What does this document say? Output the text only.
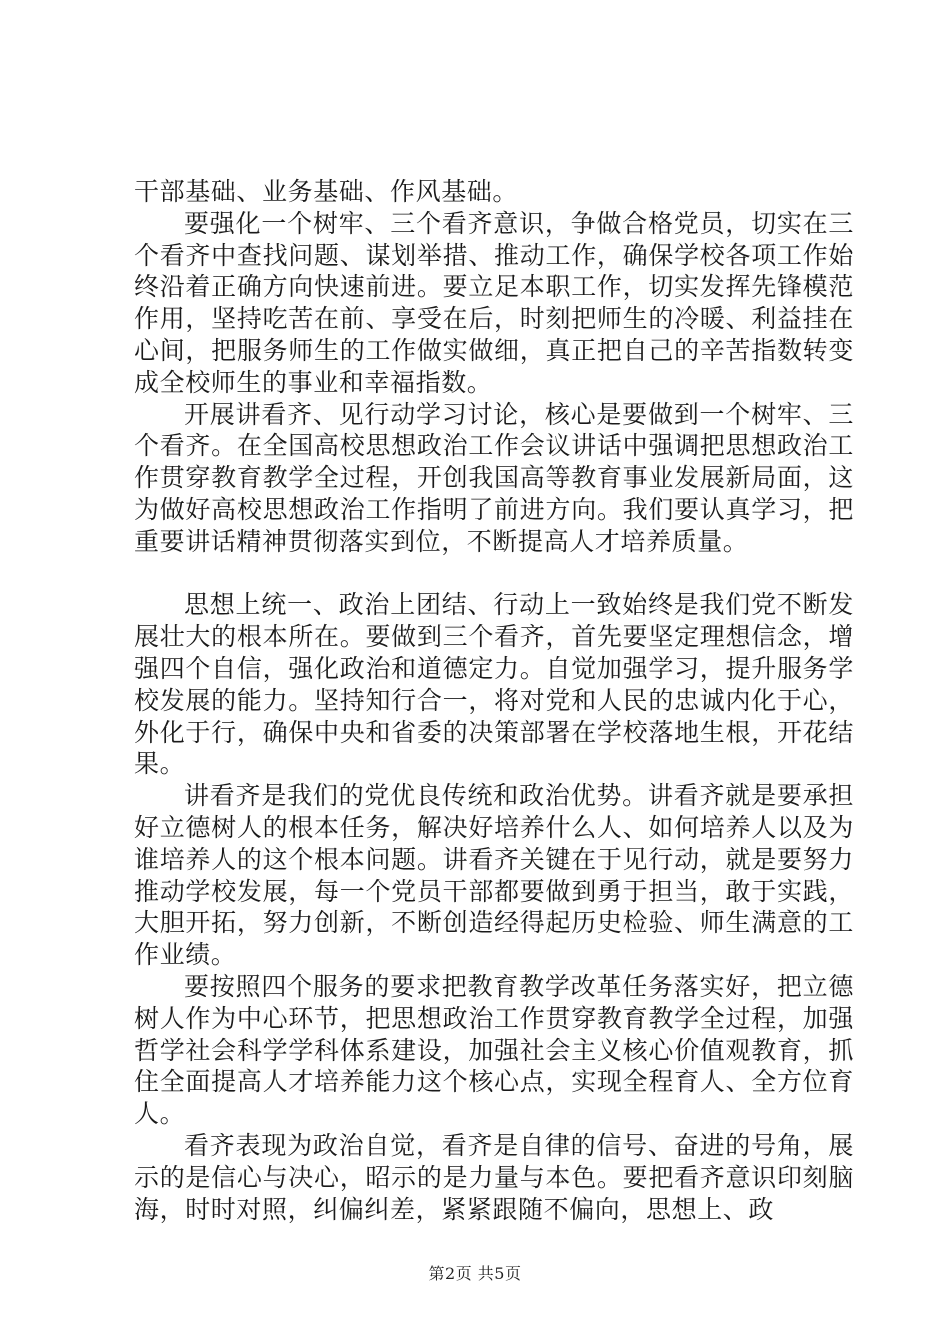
干部基础、业务基础、作风基础。

要强化一个树牢、三个看齐意识，争做合格党员，切实在三个看齐中查找问题、谋划举措、推动工作，确保学校各项工作始终沿着正确方向快速前进。要立足本职工作，切实发挥先锋模范作用，坚持吃苦在前、享受在后，时刻把师生的冷暖、利益挂在心间，把服务师生的工作做实做细，真正把自己的辛苦指数转变成全校师生的事业和幸福指数。

开展讲看齐、见行动学习讨论，核心是要做到一个树牢、三个看齐。在全国高校思想政治工作会议讲话中强调把思想政治工作贯穿教育教学全过程，开创我国高等教育事业发展新局面，这为做好高校思想政治工作指明了前进方向。我们要认真学习，把重要讲话精神贯彻落实到位，不断提高人才培养质量。

思想上统一、政治上团结、行动上一致始终是我们党不断发展壮大的根本所在。要做到三个看齐，首先要坚定理想信念，增强四个自信，强化政治和道德定力。自觉加强学习，提升服务学校发展的能力。坚持知行合一，将对党和人民的忠诚内化于心，外化于行，确保中央和省委的决策部署在学校落地生根，开花结果。

讲看齐是我们的党优良传统和政治优势。讲看齐就是要承担好立德树人的根本任务，解决好培养什么人、如何培养人以及为谁培养人的这个根本问题。讲看齐关键在于见行动，就是要努力推动学校发展，每一个党员干部都要做到勇于担当，敢于实践，大胆开拓，努力创新，不断创造经得起历史检验、师生满意的工作业绩。

要按照四个服务的要求把教育教学改革任务落实好，把立德树人作为中心环节，把思想政治工作贯穿教育教学全过程，加强哲学社会科学学科体系建设，加强社会主义核心价值观教育，抓住全面提高人才培养能力这个核心点，实现全程育人、全方位育人。

看齐表现为政治自觉，看齐是自律的信号、奋进的号角，展示的是信心与决心，昭示的是力量与本色。要把看齐意识印刻脑海，时时对照，纠偏纠差，紧紧跟随不偏向，思想上、政

第2页 共5页
